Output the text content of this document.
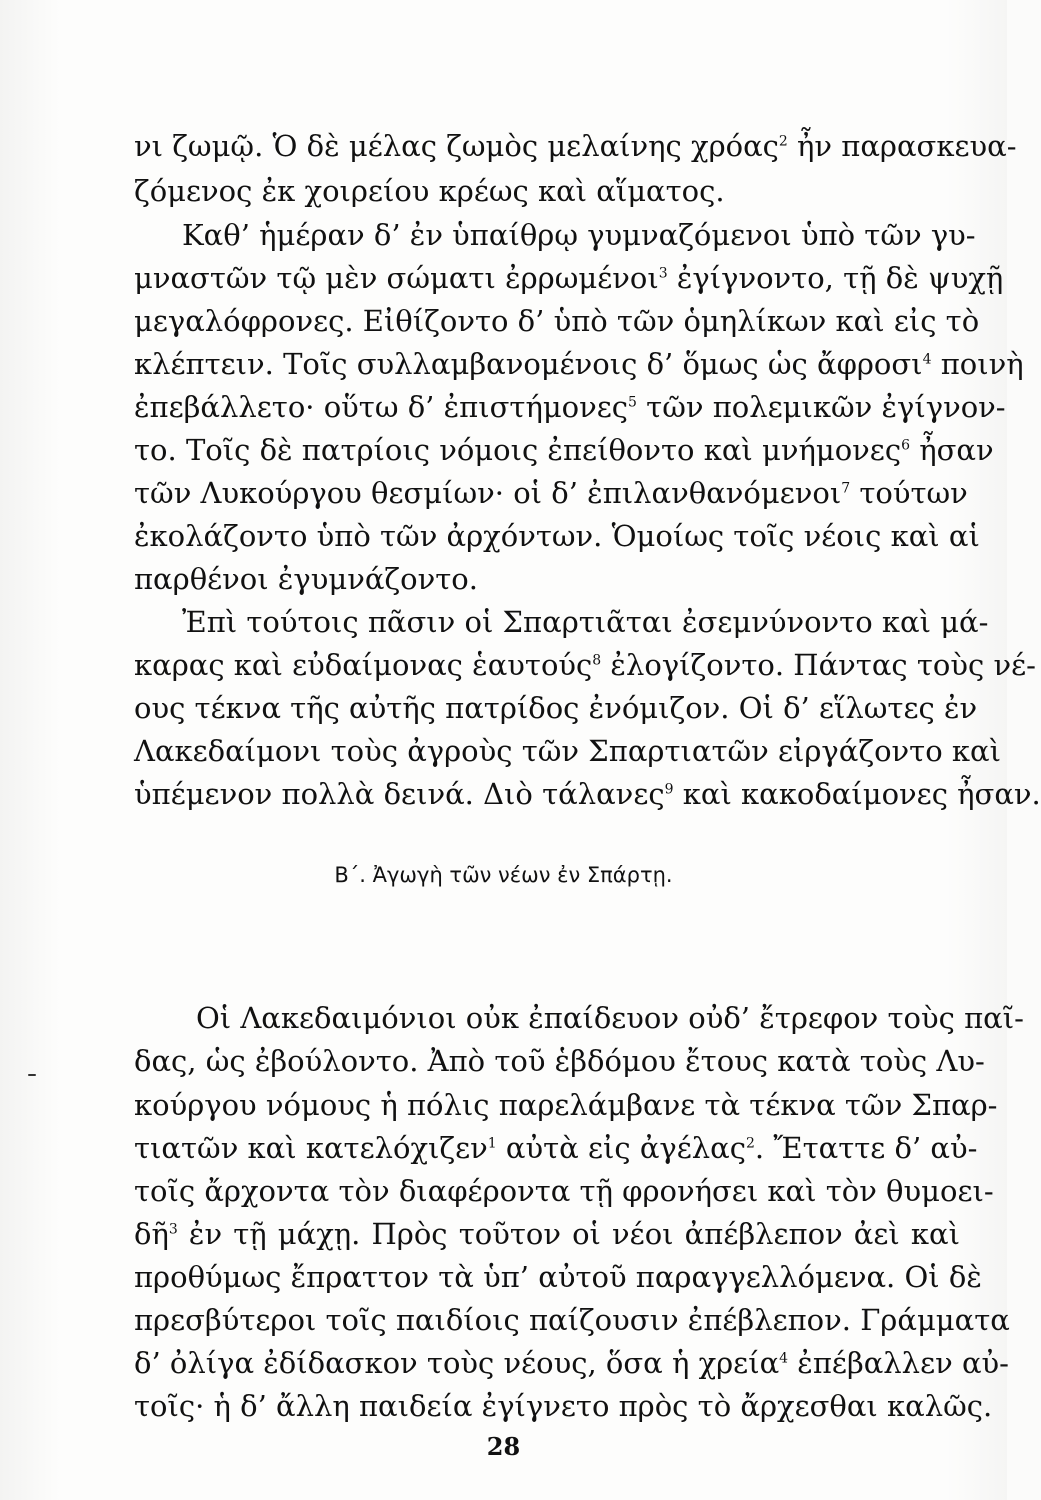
νι ζωμῷ. Ὁ δὲ μέλας ζωμὸς μελαίνης χρόας$^2$ ἦν παρασκευα-
ζόμενος ἐκ χοιρείου κρέως καὶ αἵματος.
Καθ’ ἡμέραν δ’ ἐν ὑπαίθρῳ γυμναζόμενοι ὑπὸ τῶν γυ-
μναστῶν τῷ μὲν σώματι ἐρρωμένοι$^3$ ἐγίγνοντο, τῇ δὲ ψυχῇ
μεγαλόφρονες. Εἰθίζοντο δ’ ὑπὸ τῶν ὁμηλίκων καὶ εἰς τὸ
κλέπτειν. Τοῖς συλλαμβανομένοις δ’ ὅμως ὡς ἄφροσι$^4$ ποινὴ
ἐπεβάλλετο· οὕτω δ’ ἐπιστήμονες$^5$ τῶν πολεμικῶν ἐγίγνον-
το. Τοῖς δὲ πατρίοις νόμοις ἐπείθοντο καὶ μνήμονες$^6$ ἦσαν
τῶν Λυκούργου θεσμίων· οἱ δ’ ἐπιλανθανόμενοι$^7$ τούτων
ἐκολάζοντο ὑπὸ τῶν ἀρχόντων. Ὁμοίως τοῖς νέοις καὶ αἱ
παρθένοι ἐγυμνάζοντο.
Ἐπὶ τούτοις πᾶσιν οἱ Σπαρτιᾶται ἐσεμνύνοντο καὶ μά-
καρας καὶ εὐδαίμονας ἑαυτούς$^8$ ἐλογίζοντο. Πάντας τοὺς νέ-
ους τέκνα τῆς αὐτῆς πατρίδος ἐνόμιζον. Οἱ δ’ εἵλωτες ἐν
Λακεδαίμονι τοὺς ἀγροὺς τῶν Σπαρτιατῶν εἰργάζοντο καὶ
ὑπέμενον πολλὰ δεινά. Διὸ τάλανες$^9$ καὶ κακοδαίμονες ἦσαν.
Β΄. Ἀγωγὴ τῶν νέων ἐν Σπάρτῃ.
Οἱ Λακεδαιμόνιοι οὐκ ἐπαίδευον οὐδ’ ἔτρεφον τοὺς παῖ-
δας, ὡς ἐβούλοντο. Ἀπὸ τοῦ ἑβδόμου ἔτους κατὰ τοὺς Λυ-
κούργου νόμους ἡ πόλις παρελάμβανε τὰ τέκνα τῶν Σπαρ-
τιατῶν καὶ κατελόχιζεν$^1$ αὐτὰ εἰς ἀγέλας$^2$. Ἔταττε δ’ αὐ-
τοῖς ἄρχοντα τὸν διαφέροντα τῇ φρονήσει καὶ τὸν θυμοει-
δῆ$^3$ ἐν τῇ μάχῃ. Πρὸς τοῦτον οἱ νέοι ἀπέβλεπον ἀεὶ καὶ
προθύμως ἔπραττον τὰ ὑπ’ αὐτοῦ παραγγελλόμενα. Οἱ δὲ
πρεσβύτεροι τοῖς παιδίοις παίζουσιν ἐπέβλεπον. Γράμματα
δ’ ὀλίγα ἐδίδασκον τοὺς νέους, ὅσα ἡ χρεία$^4$ ἐπέβαλλεν αὐ-
τοῖς· ἡ δ’ ἄλλη παιδεία ἐγίγνετο πρὸς τὸ ἄρχεσθαι καλῶς.
28
